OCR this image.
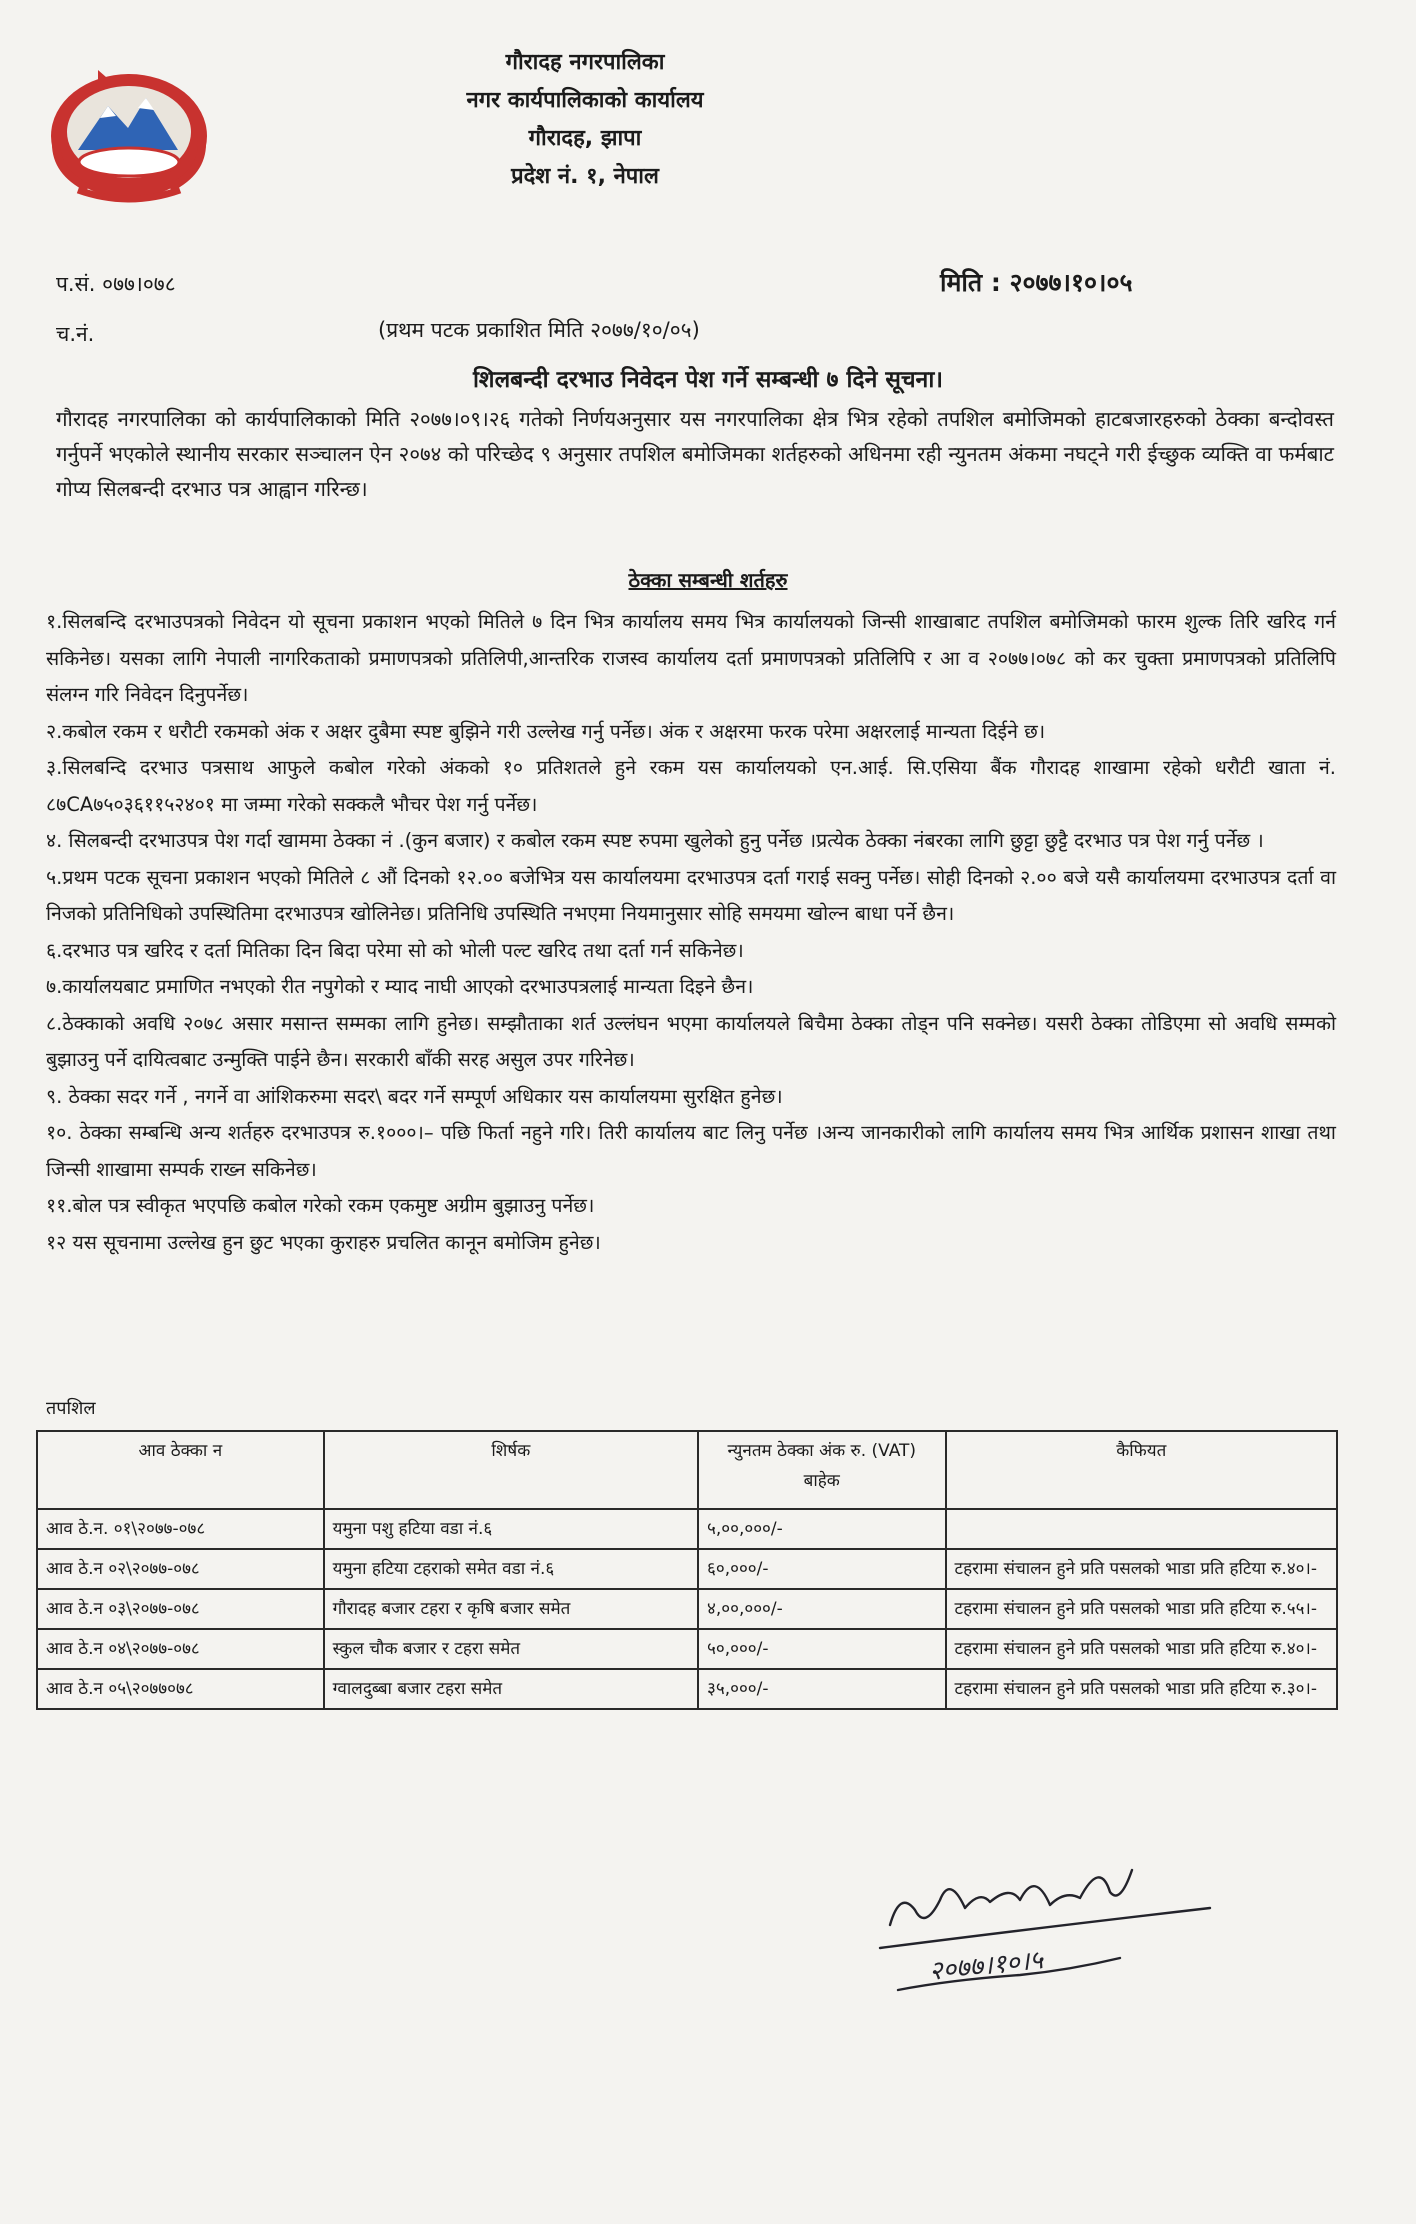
गौरादह नगरपालिका
नगर कार्यपालिकाको कार्यालय
गौरादह, झापा
प्रदेश नं. १, नेपाल
प.सं. ०७७।०७८	मिति : २०७७।१०।०५
च.नं.	(प्रथम पटक प्रकाशित मिति २०७७/१०/०५)
शिलबन्दी दरभाउ निवेदन पेश गर्ने सम्बन्धी ७ दिने सूचना।
गौरादह नगरपालिका को कार्यपालिकाको मिति २०७७।०९।२६ गतेको निर्णयअनुसार यस नगरपालिका क्षेत्र भित्र रहेको तपशिल बमोजिमको हाटबजारहरुको ठेक्का बन्दोवस्त गर्नुपर्ने भएकोले स्थानीय सरकार सञ्चालन ऐन २०७४ को परिच्छेद ९ अनुसार तपशिल बमोजिमका शर्तहरुको अधिनमा रही न्युनतम अंकमा नघट्ने गरी ईच्छुक व्यक्ति वा फर्मबाट गोप्य सिलबन्दी दरभाउ पत्र आह्वान गरिन्छ।
ठेक्का सम्बन्धी शर्तहरु

१.सिलबन्दि दरभाउपत्रको निवेदन यो सूचना प्रकाशन भएको मितिले ७ दिन भित्र कार्यालय समय भित्र कार्यालयको जिन्सी शाखाबाट तपशिल बमोजिमको फारम शुल्क तिरि खरिद गर्न सकिनेछ। यसका लागि नेपाली नागरिकताको प्रमाणपत्रको प्रतिलिपी,आन्तरिक राजस्व कार्यालय दर्ता प्रमाणपत्रको प्रतिलिपि र आ व २०७७।०७८ को कर चुक्ता प्रमाणपत्रको प्रतिलिपि संलग्न गरि निवेदन दिनुपर्नेछ।

२.कबोल रकम र धरौटी रकमको अंक र अक्षर दुबैमा स्पष्ट बुझिने गरी उल्लेख गर्नु पर्नेछ। अंक र अक्षरमा फरक परेमा अक्षरलाई मान्यता दिईने छ।

३.सिलबन्दि दरभाउ पत्रसाथ आफुले कबोल गरेको अंकको १० प्रतिशतले हुने रकम यस कार्यालयको एन.आई. सि.एसिया बैंक गौरादह शाखामा रहेको धरौटी खाता नं. ८७CA७५०३६११५२४०१ मा जम्मा गरेको सक्कलै भौचर पेश गर्नु पर्नेछ।

४. सिलबन्दी दरभाउपत्र पेश गर्दा खाममा ठेक्का नं .(कुन बजार) र कबोल रकम स्पष्ट रुपमा खुलेको हुनु पर्नेछ ।प्रत्येक ठेक्का नंबरका लागि छुट्टा छुट्टै दरभाउ पत्र पेश गर्नु पर्नेछ ।

५.प्रथम पटक सूचना प्रकाशन भएको मितिले ८ औं दिनको १२.०० बजेभित्र यस कार्यालयमा दरभाउपत्र दर्ता गराई सक्नु पर्नेछ। सोही दिनको २.०० बजे यसै कार्यालयमा दरभाउपत्र दर्ता वा निजको प्रतिनिधिको उपस्थितिमा दरभाउपत्र खोलिनेछ। प्रतिनिधि उपस्थिति नभएमा नियमानुसार सोहि समयमा खोल्न बाधा पर्ने छैन।

६.दरभाउ पत्र खरिद र दर्ता मितिका दिन बिदा परेमा सो को भोली पल्ट खरिद तथा दर्ता गर्न सकिनेछ।

७.कार्यालयबाट प्रमाणित नभएको रीत नपुगेको र म्याद नाघी आएको दरभाउपत्रलाई मान्यता दिइने छैन।

८.ठेक्काको अवधि २०७८ असार मसान्त सम्मका लागि हुनेछ। सम्झौताका शर्त उल्लंघन भएमा कार्यालयले बिचैमा ठेक्का तोड्न पनि सक्नेछ। यसरी ठेक्का तोडिएमा सो अवधि सम्मको बुझाउनु पर्ने दायित्वबाट उन्मुक्ति पाईने छैन। सरकारी बाँकी सरह असुल उपर गरिनेछ।

९. ठेक्का सदर गर्ने , नगर्ने वा आंशिकरुमा सदर\ बदर गर्ने सम्पूर्ण अधिकार यस कार्यालयमा सुरक्षित हुनेछ।

१०. ठेक्का सम्बन्धि अन्य शर्तहरु दरभाउपत्र रु.१०००।– पछि फिर्ता नहुने गरि। तिरी कार्यालय बाट लिनु पर्नेछ ।अन्य जानकारीको लागि कार्यालय समय भित्र आर्थिक प्रशासन शाखा तथा जिन्सी शाखामा सम्पर्क राख्न सकिनेछ।

११.बोल पत्र स्वीकृत भएपछि कबोल गरेको रकम एकमुष्ट अग्रीम बुझाउनु पर्नेछ।

१२ यस सूचनामा उल्लेख हुन छुट भएका कुराहरु प्रचलित कानून बमोजिम हुनेछ।

तपशिल
आव ठेक्का न	शिर्षक	न्युनतम ठेक्का अंक रु. (VAT) बाहेक	कैफियत
आव ठे.न. ०१\२०७७-०७८	यमुना पशु हटिया वडा नं.६	५,००,०००/-	
आव ठे.न ०२\२०७७-०७८	यमुना हटिया टहराको समेत वडा नं.६	६०,०००/-	टहरामा संचालन हुने प्रति पसलको भाडा प्रति हटिया रु.४०।-
आव ठे.न ०३\२०७७-०७८	गौरादह बजार टहरा र कृषि बजार समेत	४,००,०००/-	टहरामा संचालन हुने प्रति पसलको भाडा प्रति हटिया रु.५५।-
आव ठे.न ०४\२०७७-०७८	स्कुल चौक बजार र टहरा समेत	५०,०००/-	टहरामा संचालन हुने प्रति पसलको भाडा प्रति हटिया रु.४०।-
आव ठे.न ०५\२०७७०७८	ग्वालदुब्बा बजार टहरा समेत	३५,०००/-	टहरामा संचालन हुने प्रति पसलको भाडा प्रति हटिया रु.३०।-
२०७७।१०।५
